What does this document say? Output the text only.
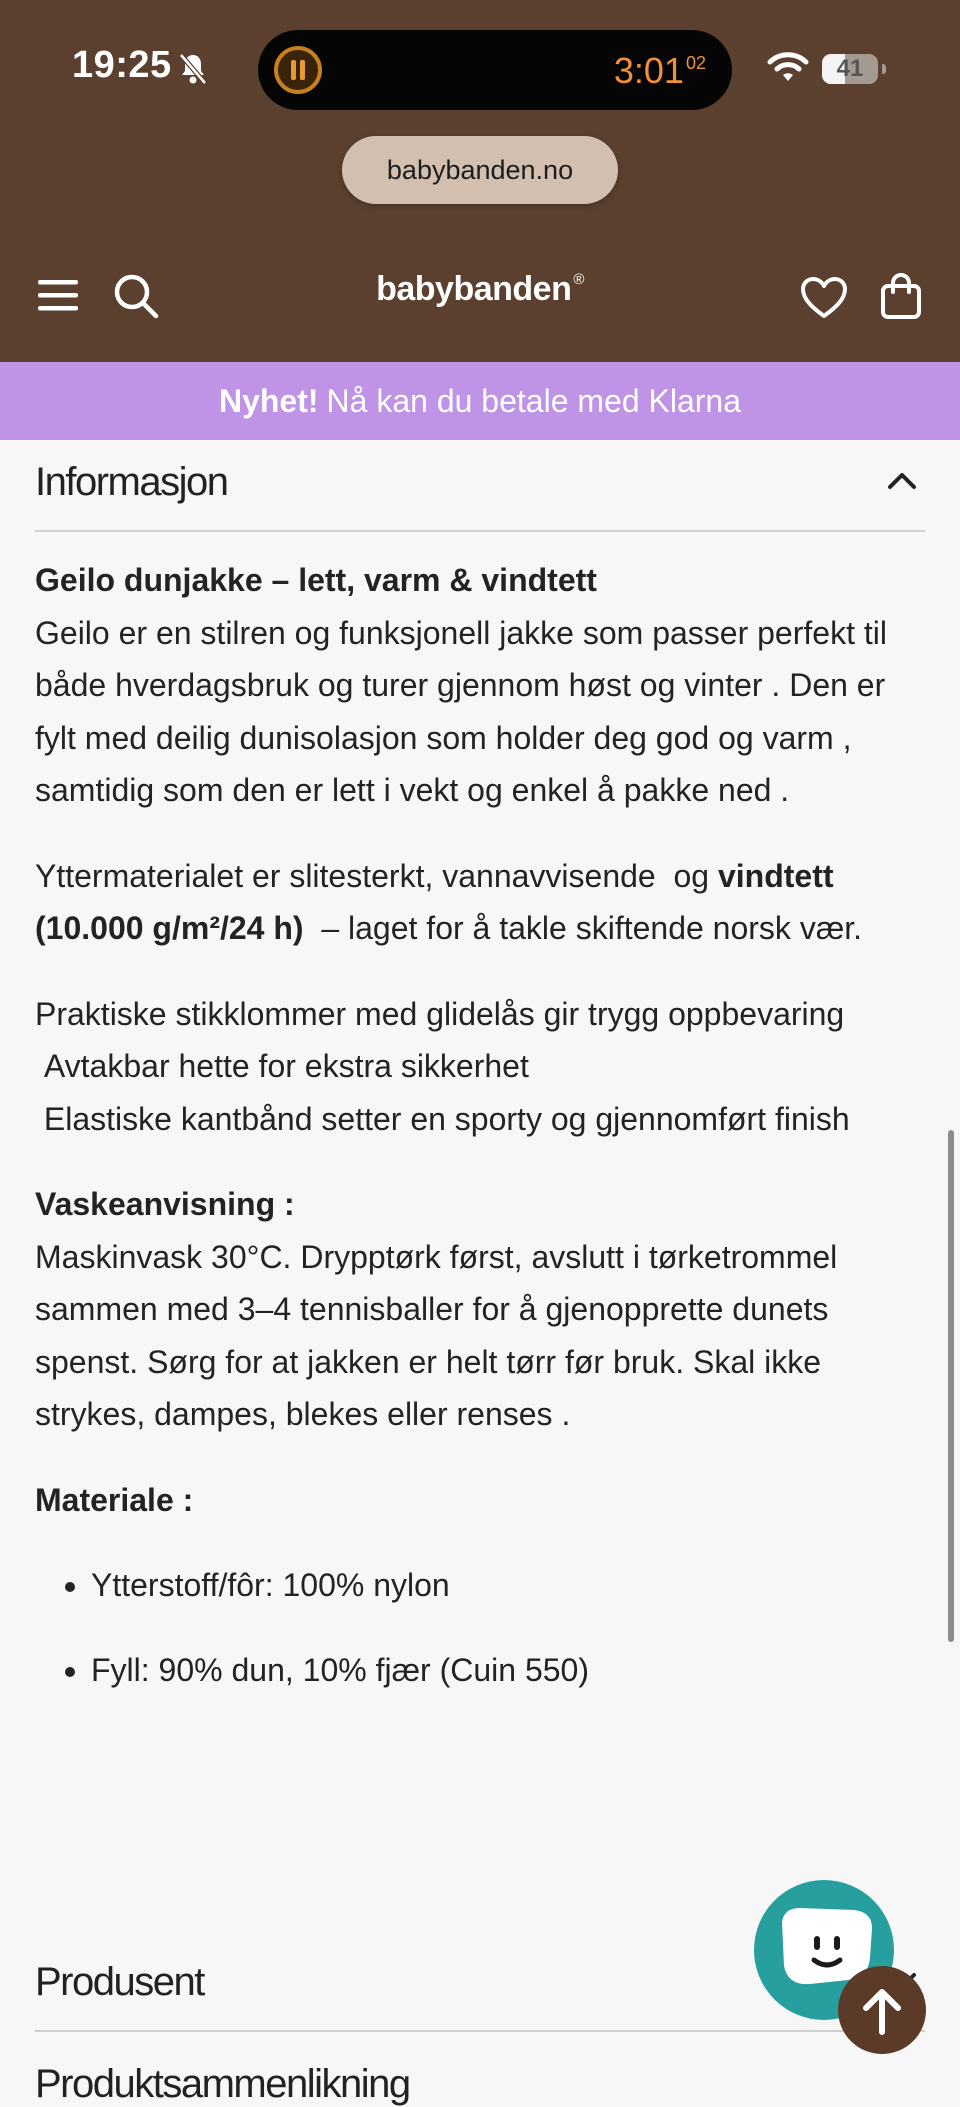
19:25	3:01 $^{02}$	41
babybanden.no
babybanden ®
Nyhet! Nå kan du betale med Klarna
Informasjon

Geilo dunjakke – lett, varm & vindtett
Geilo er en stilren og funksjonell jakke som passer perfekt til både hverdagsbruk og turer gjennom høst og vinter . Den er fylt med deilig dunisolasjon som holder deg god og varm , samtidig som den er lett i vekt og enkel å pakke ned .

Yttermaterialet er slitesterkt, vannavvisende  og vindtett (10.000 g/m²/24 h)  – laget for å takle skiftende norsk vær.

Praktiske stikklommer med glidelås gir trygg oppbevaring
Avtakbar hette for ekstra sikkerhet
Elastiske kantbånd setter en sporty og gjennomført finish

Vaskeanvisning :
Maskinvask 30°C. Drypptørk først, avslutt i tørketrommel sammen med 3–4 tennisballer for å gjenopprette dunets spenst. Sørg for at jakken er helt tørr før bruk. Skal ikke strykes, dampes, blekes eller renses .

Materiale :

• Ytterstoff/fôr: 100% nylon
• Fyll: 90% dun, 10% fjær (Cuin 550)
Produsent
Produktsammenlikning
